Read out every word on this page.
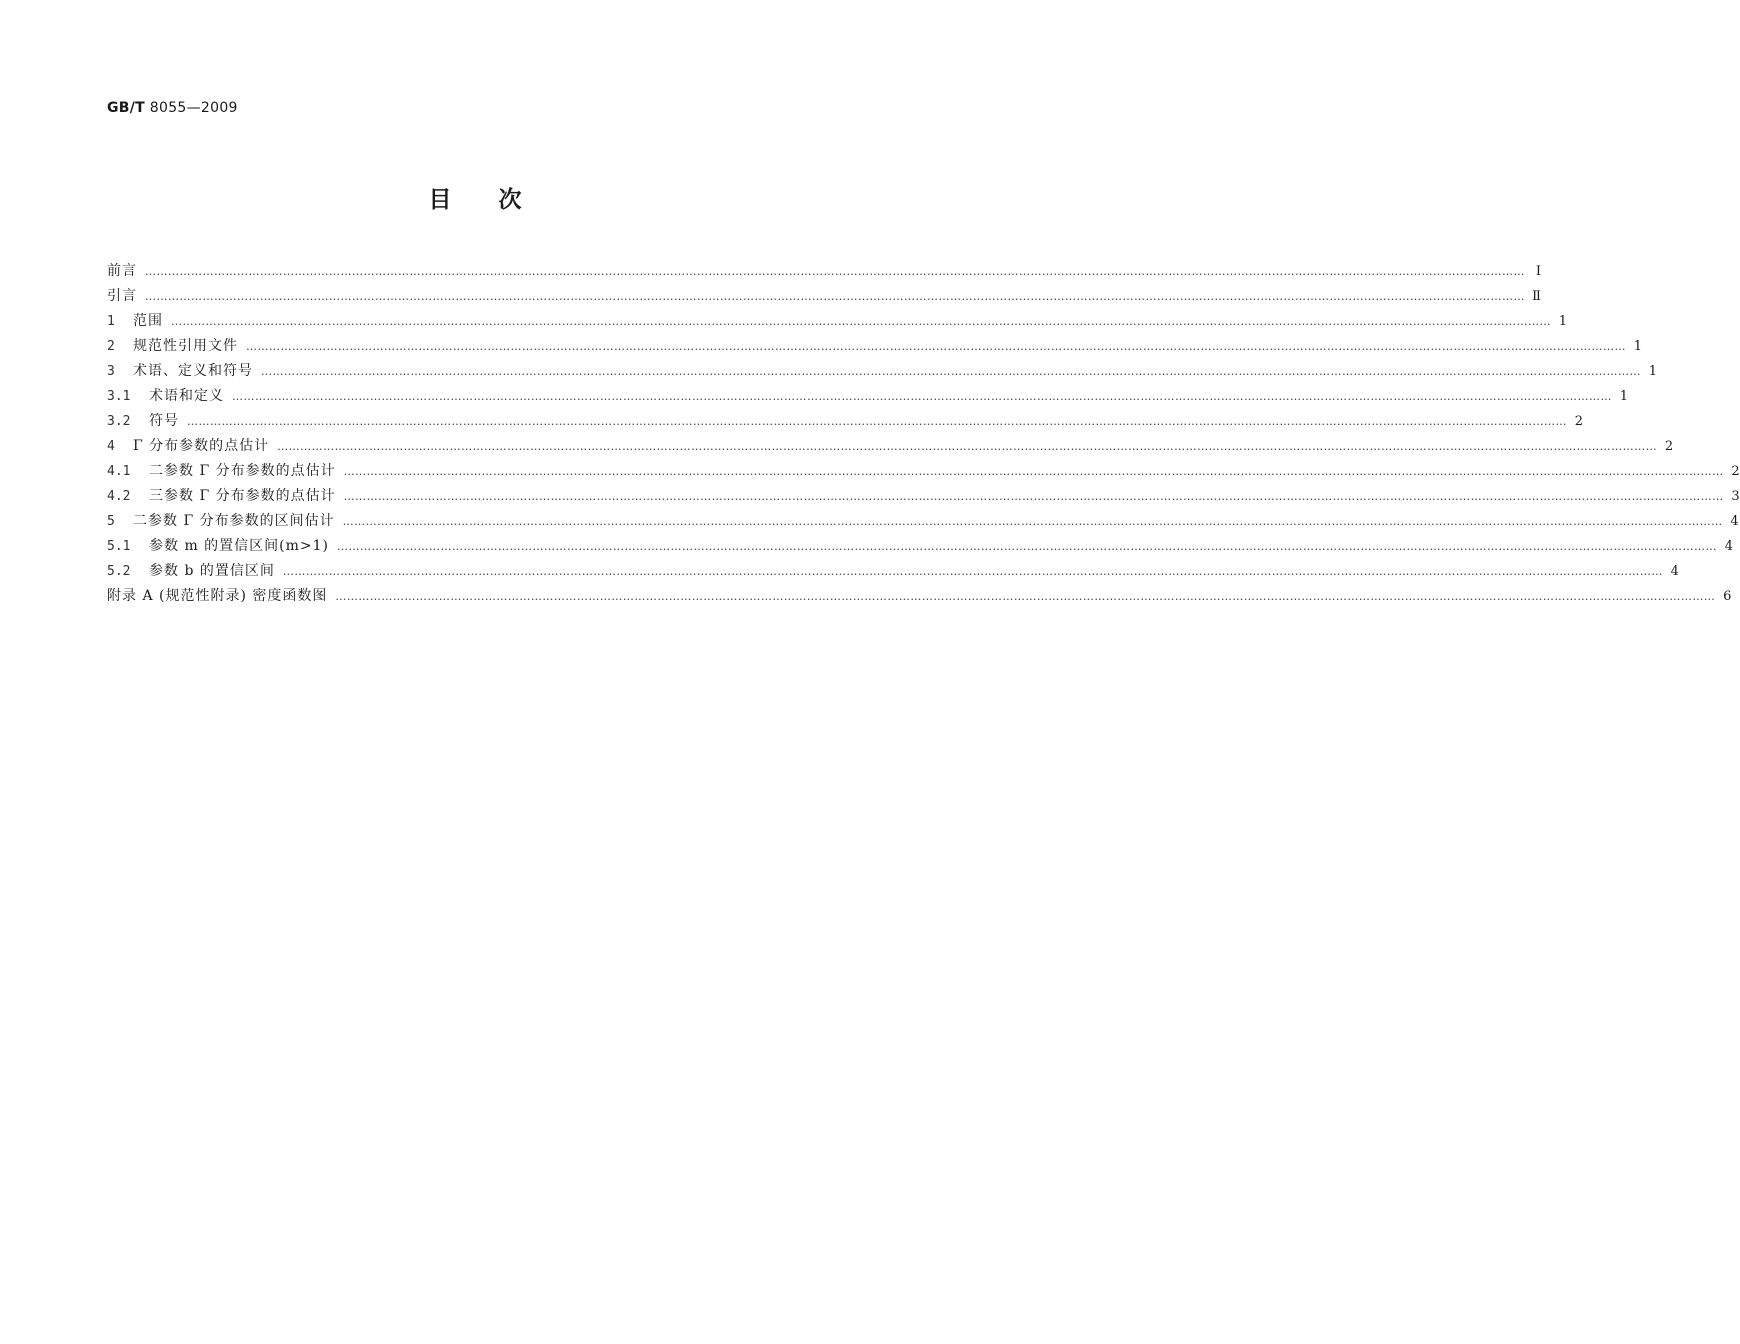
GB/T 8055—2009
目次
前言 ……………………………………………………………………………………………………………………………………………………………………………………………………………………………………………………………………………………………………………………………… Ⅰ
引言 ……………………………………………………………………………………………………………………………………………………………………………………………………………………………………………………………………………………………………………………………… Ⅱ
1	范围 ……………………………………………………………………………………………………………………………………………………………………………………………………………………………………………………………………………………………………………………………… 1
2	规范性引用文件 ……………………………………………………………………………………………………………………………………………………………………………………………………………………………………………………………………………………………………………………………… 1
3	术语、定义和符号 ……………………………………………………………………………………………………………………………………………………………………………………………………………………………………………………………………………………………………………………………… 1
3.1	术语和定义 ……………………………………………………………………………………………………………………………………………………………………………………………………………………………………………………………………………………………………………………………… 1
3.2	符号 ……………………………………………………………………………………………………………………………………………………………………………………………………………………………………………………………………………………………………………………………… 2
4	Γ 分布参数的点估计 ……………………………………………………………………………………………………………………………………………………………………………………………………………………………………………………………………………………………………………………………… 2
4.1	二参数 Γ 分布参数的点估计 ……………………………………………………………………………………………………………………………………………………………………………………………………………………………………………………………………………………………………………………………… 2
4.2	三参数 Γ 分布参数的点估计 ……………………………………………………………………………………………………………………………………………………………………………………………………………………………………………………………………………………………………………………………… 3
5	二参数 Γ 分布参数的区间估计 ……………………………………………………………………………………………………………………………………………………………………………………………………………………………………………………………………………………………………………………………… 4
5.1	参数 m 的置信区间(m>1) ……………………………………………………………………………………………………………………………………………………………………………………………………………………………………………………………………………………………………………………………… 4
5.2	参数 b 的置信区间 ……………………………………………………………………………………………………………………………………………………………………………………………………………………………………………………………………………………………………………………………… 4
附录 A (规范性附录) 密度函数图 ……………………………………………………………………………………………………………………………………………………………………………………………………………………………………………………………………………………………………………………………… 6
